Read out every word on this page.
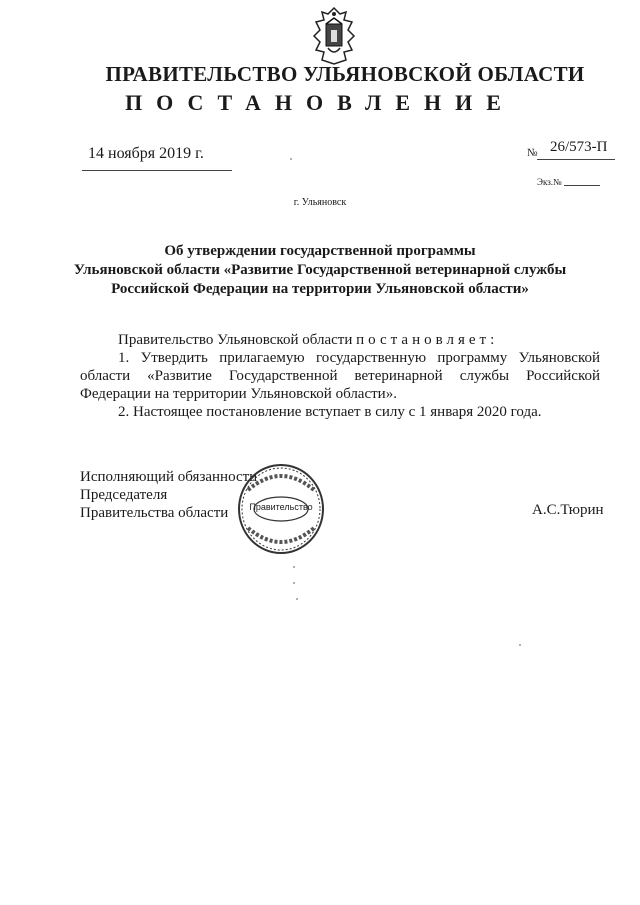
ПРАВИТЕЛЬСТВО УЛЬЯНОВСКОЙ ОБЛАСТИ
ПОСТАНОВЛЕНИЕ
14 ноября 2019 г.	№ 26/573-П
Экз.№
г. Ульяновск
Об утверждении государственной программы
Ульяновской области «Развитие Государственной ветеринарной службы
Российской Федерации на территории Ульяновской области»

Правительство Ульяновской области постановляет:

1. Утвердить прилагаемую государственную программу Ульяновской области «Развитие Государственной ветеринарной службы Российской Федерации на территории Ульяновской области».

2. Настоящее постановление вступает в силу с 1 января 2020 года.

Исполняющий обязанности
Председателя
Правительства области	А.С.Тюрин
Правительство
